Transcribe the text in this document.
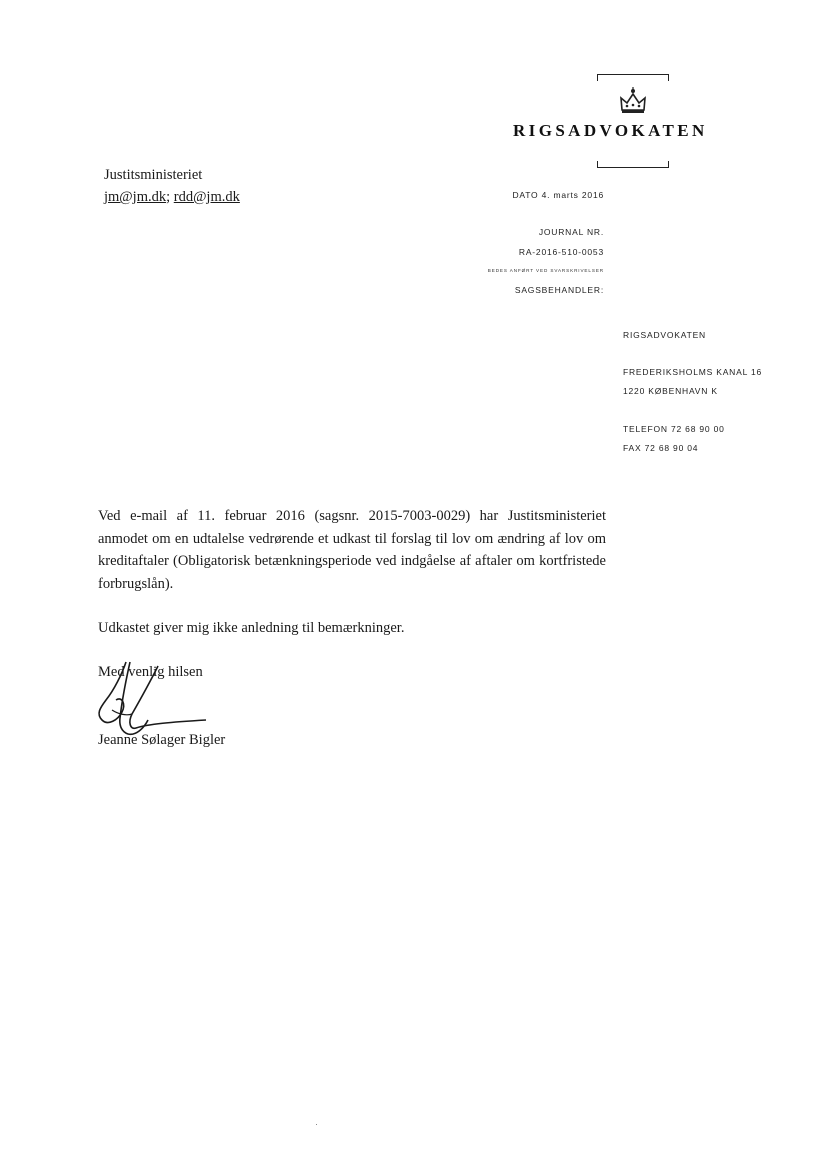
RIGSADVOKATEN
Justitsministeriet
jm@jm.dk; rdd@jm.dk	DATO 4. marts 2016
JOURNAL NR.
RA-2016-510-0053
BEDES ANFØRT VED SVARSKRIVELSER
SAGSBEHANDLER:
RIGSADVOKATEN
FREDERIKSHOLMS KANAL 16
1220 KØBENHAVN K
TELEFON 72 68 90 00
FAX 72 68 90 04
Ved e-mail af 11. februar 2016 (sagsnr. 2015-7003-0029) har Justitsministeriet anmodet om en udtalelse vedrørende et udkast til forslag til lov om ændring af lov om kreditaftaler (Obligatorisk betænkningsperiode ved indgåelse af aftaler om kortfristede forbrugslån).
Udkastet giver mig ikke anledning til bemærkninger.
Med venlig hilsen
Jeanne Sølager Bigler
